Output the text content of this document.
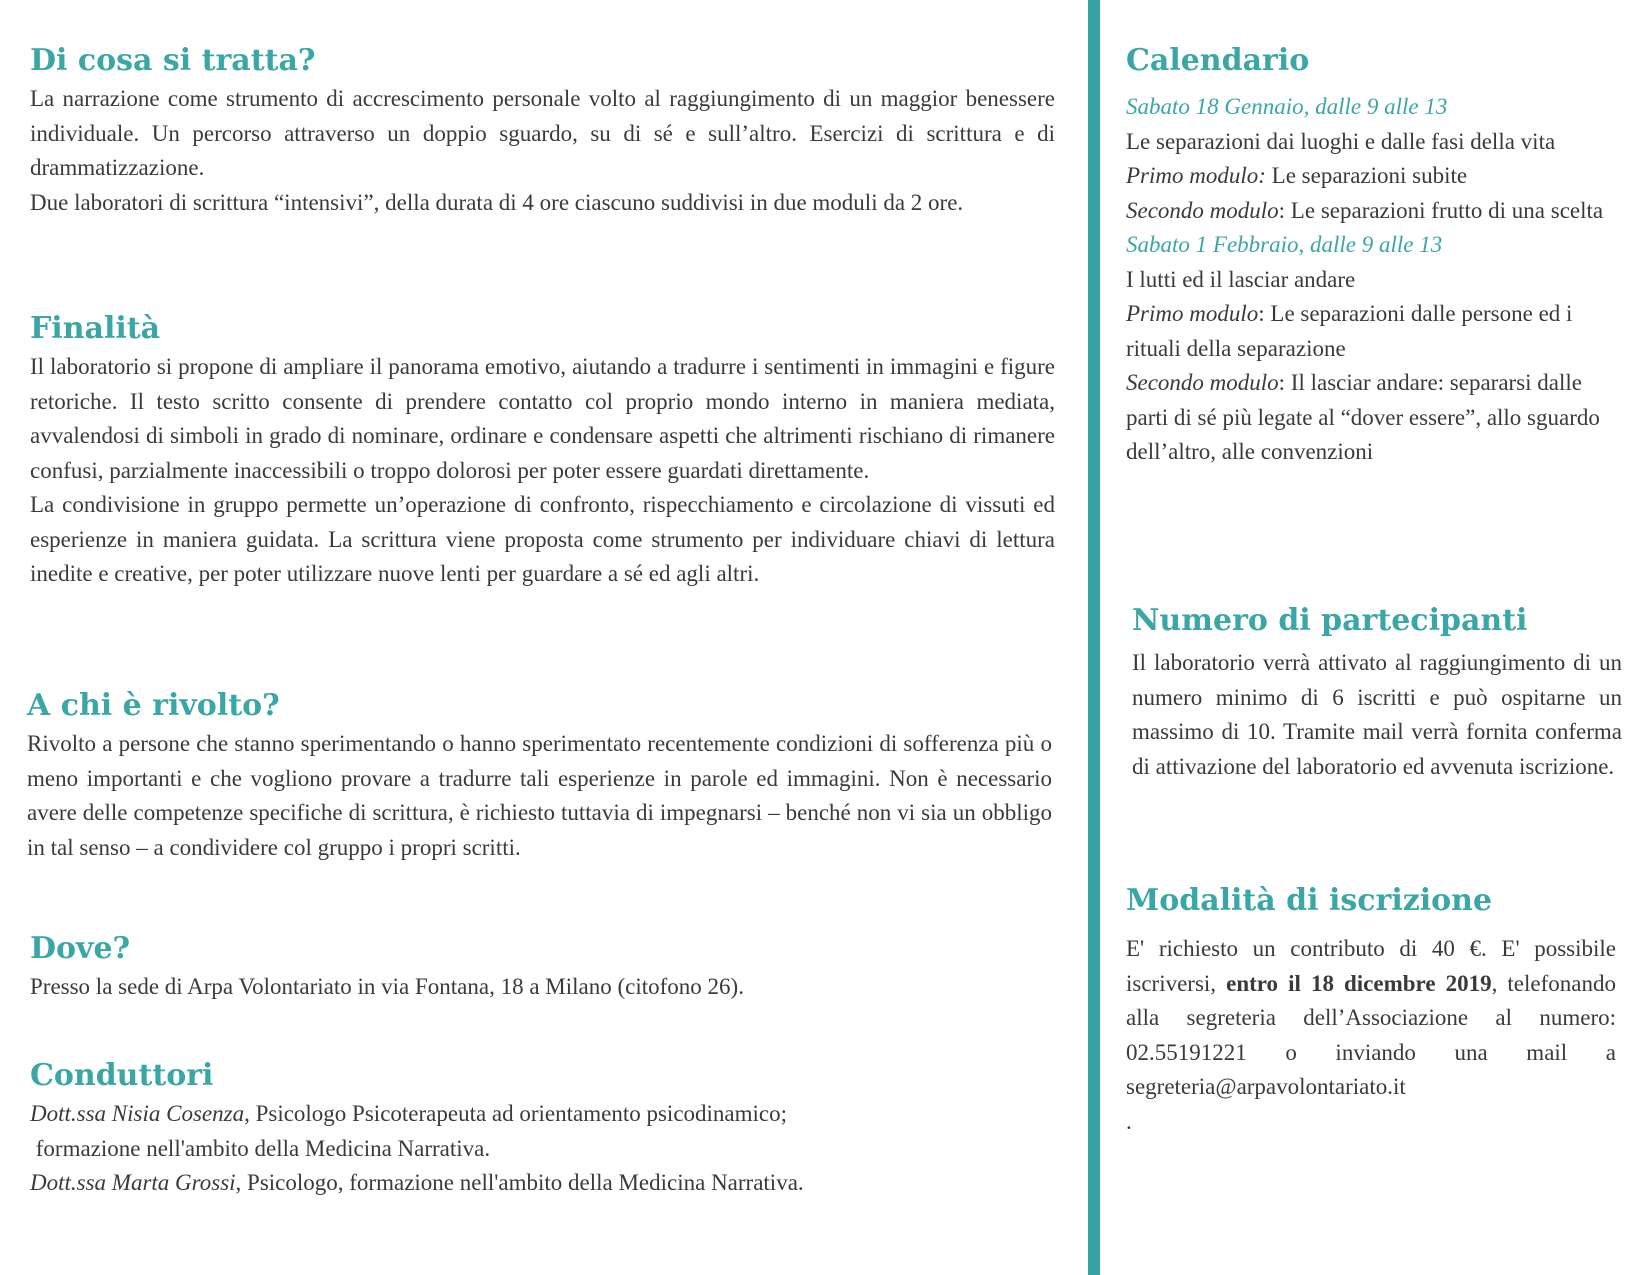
Di cosa si tratta?

La narrazione come strumento di accrescimento personale volto al raggiungimento di un maggior benessere individuale. Un percorso attraverso un doppio sguardo, su di sé e sull’altro. Esercizi di scrittura e di drammatizzazione.

Due laboratori di scrittura “intensivi”, della durata di 4 ore ciascuno suddivisi in due moduli da 2 ore.

Finalità

Il laboratorio si propone di ampliare il panorama emotivo, aiutando a tradurre i sentimenti in immagini e figure retoriche. Il testo scritto consente di prendere contatto col proprio mondo interno in maniera mediata, avvalendosi di simboli in grado di nominare, ordinare e condensare aspetti che altrimenti rischiano di rimanere confusi, parzialmente inaccessibili o troppo dolorosi per poter essere guardati direttamente.

La condivisione in gruppo permette un’operazione di confronto, rispecchiamento e circolazione di vissuti ed esperienze in maniera guidata. La scrittura viene proposta come strumento per individuare chiavi di lettura inedite e creative, per poter utilizzare nuove lenti per guardare a sé ed agli altri.

A chi è rivolto?

Rivolto a persone che stanno sperimentando o hanno sperimentato recentemente condizioni di sofferenza più o meno importanti e che vogliono provare a tradurre tali esperienze in parole ed immagini. Non è necessario avere delle competenze specifiche di scrittura, è richiesto tuttavia di impegnarsi – benché non vi sia un obbligo in tal senso – a condividere col gruppo i propri scritti.

Dove?

Presso la sede di Arpa Volontariato in via Fontana, 18 a Milano (citofono 26).

Conduttori

Dott.ssa Nisia Cosenza, Psicologo Psicoterapeuta ad orientamento psicodinamico;

formazione nell'ambito della Medicina Narrativa.

Dott.ssa Marta Grossi, Psicologo, formazione nell'ambito della Medicina Narrativa.

Calendario

Sabato 18 Gennaio, dalle 9 alle 13

Le separazioni dai luoghi e dalle fasi della vita

Primo modulo: Le separazioni subite

Secondo modulo: Le separazioni frutto di una scelta

Sabato 1 Febbraio, dalle 9 alle 13

I lutti ed il lasciar andare

Primo modulo: Le separazioni dalle persone ed i rituali della separazione

Secondo modulo: Il lasciar andare: separarsi dalle parti di sé più legate al “dover essere”, allo sguardo dell’altro, alle convenzioni

Numero di partecipanti

Il laboratorio verrà attivato al raggiungimento di un numero minimo di 6 iscritti e può ospitarne un massimo di 10. Tramite mail verrà fornita conferma di attivazione del laboratorio ed avvenuta iscrizione.

Modalità di iscrizione

E' richiesto un contributo di 40 €. E' possibile iscriversi, entro il 18 dicembre 2019, telefonando alla segreteria dell’Associazione al numero: 02.55191221 o inviando una mail a segreteria@arpavolontariato.it

.
